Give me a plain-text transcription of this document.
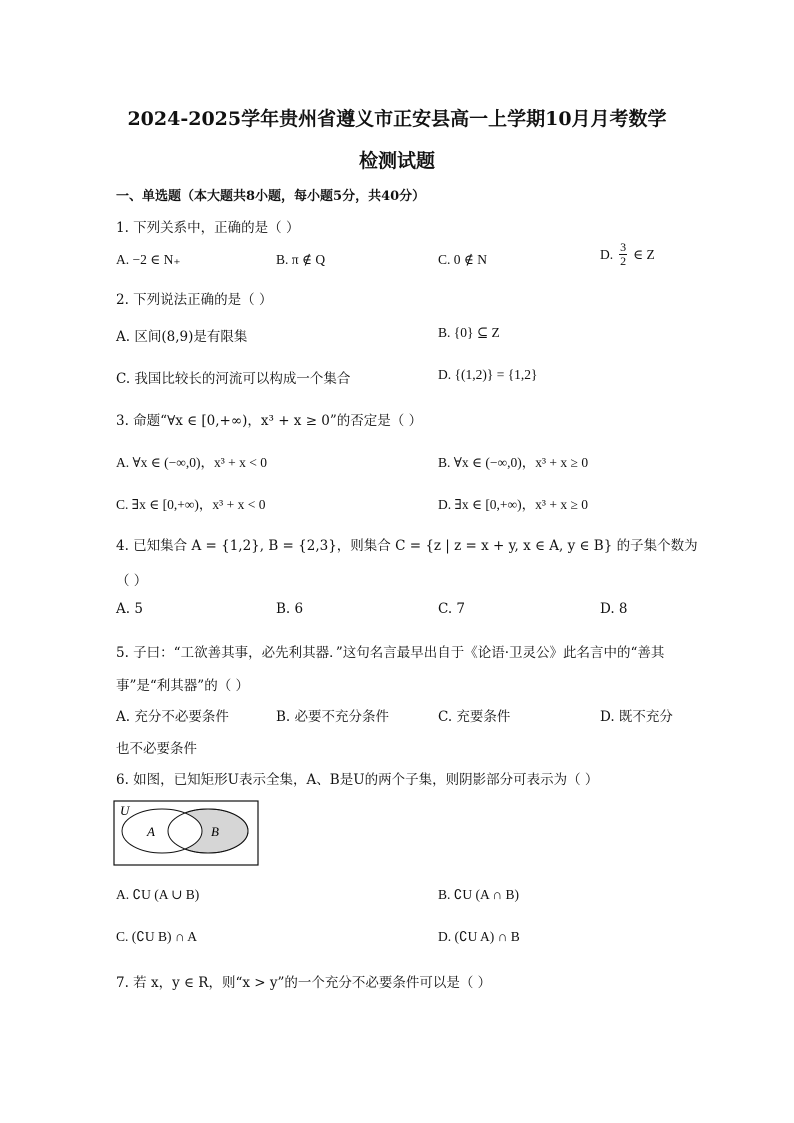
2024-2025学年贵州省遵义市正安县高一上学期10月月考数学
检测试题
一、单选题（本大题共8小题，每小题5分，共40分）
1. 下列关系中，正确的是（ ）
A. −2 ∈ N₊	B. π ∉ Q	C. 0 ∉ N	D. $\frac{3}{2}$ ∈ Z
2. 下列说法正确的是（ ）
A. 区间(8,9)是有限集	B. {0} ⊆ Z
C. 我国比较长的河流可以构成一个集合	D. {(1,2)} = {1,2}
3. 命题“∀x ∈ [0,+∞)，x³ + x ≥ 0”的否定是（ ）
A. ∀x ∈ (−∞,0)，x³ + x < 0	B. ∀x ∈ (−∞,0)，x³ + x ≥ 0
C. ∃x ∈ [0,+∞)，x³ + x < 0	D. ∃x ∈ [0,+∞)，x³ + x ≥ 0
4. 已知集合 A = {1,2}, B = {2,3}，则集合 C = {z | z = x + y, x ∈ A, y ∈ B} 的子集个数为
（ ）
A. 5	B. 6	C. 7	D. 8
5. 子曰：“工欲善其事，必先利其器．”这句名言最早出自于《论语·卫灵公》此名言中的“善其
事”是“利其器”的（ ）
A. 充分不必要条件	B. 必要不充分条件	C. 充要条件	D. 既不充分
也不必要条件
6. 如图，已知矩形U表示全集，A、B是U的两个子集，则阴影部分可表示为（ ）
U
A	B
A. ∁U (A ∪ B)	B. ∁U (A ∩ B)
C. (∁U B) ∩ A	D. (∁U A) ∩ B
7. 若 x，y ∈ R，则“x > y”的一个充分不必要条件可以是（ ）
